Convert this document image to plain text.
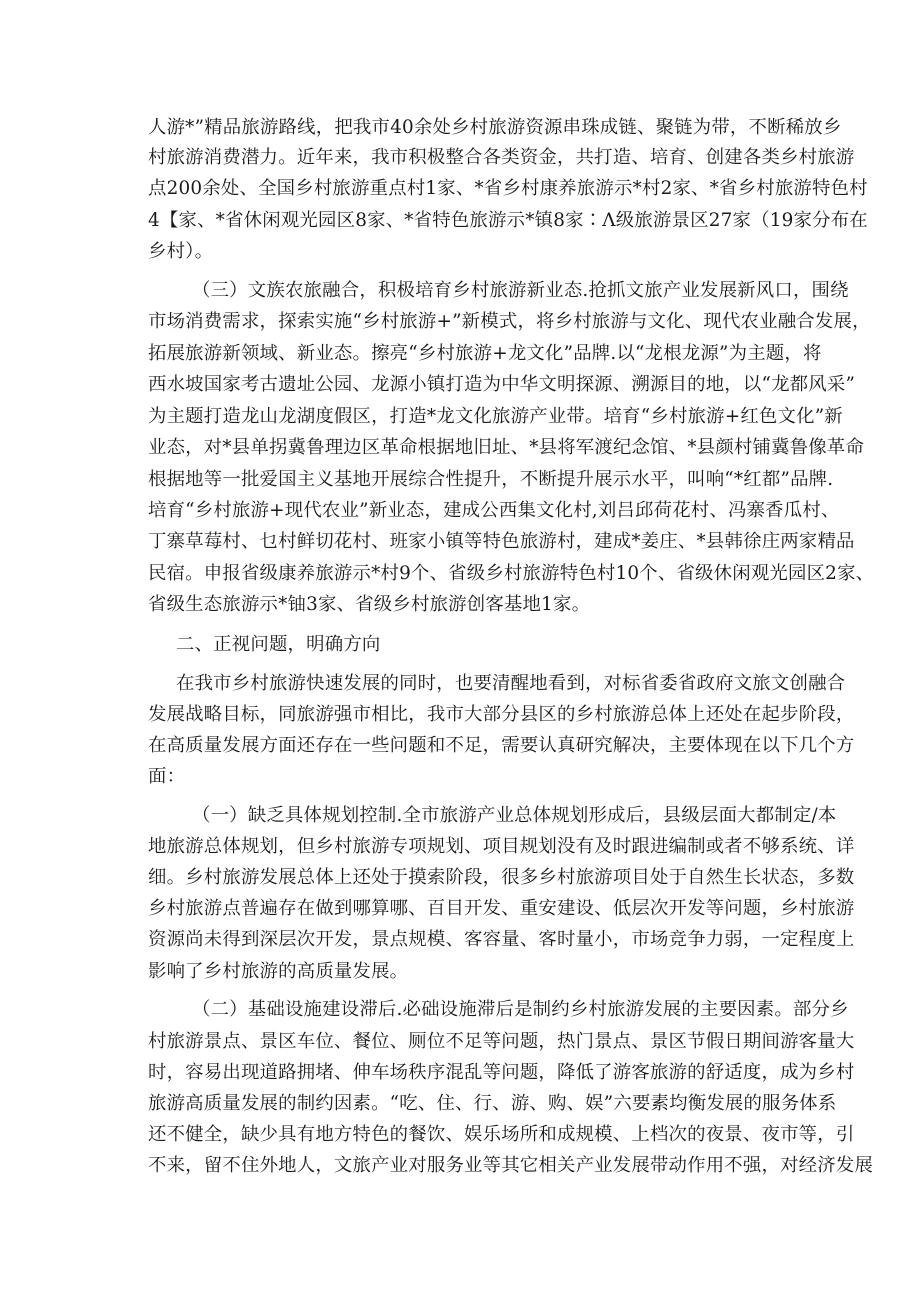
人游*”精品旅游路线，把我市40余处乡村旅游资源串珠成链、聚链为带，不断稀放乡
村旅游消费潜力。近年来，我市积极整合各类资金，共打造、培育、创建各类乡村旅游
点200余处、全国乡村旅游重点村1家、*省乡村康养旅游示*村2家、*省乡村旅游特色村
4【家、*省休闲观光园区8家、*省特色旅游示*镇8家∶Λ级旅游景区27家（19家分布在
乡村）。
（三）文族农旅融合，积极培育乡村旅游新业态.抢抓文旅产业发展新风口，围绕
市场消费需求，探索实施“乡村旅游+”新模式，将乡村旅游与文化、现代农业融合发展，
拓展旅游新领域、新业态。擦亮“乡村旅游+龙文化”品牌.以“龙根龙源”为主题，将
西水坡国家考古遗址公园、龙源小镇打造为中华文明探源、溯源目的地，以“龙都风采”
为主题打造龙山龙湖度假区，打造*龙文化旅游产业带。培育“乡村旅游+红色文化”新
业态，对*县单拐冀鲁理边区革命根据地旧址、*县将军渡纪念馆、*县颜村铺冀鲁像革命
根据地等一批爱国主义基地开展综合性提升，不断提升展示水平，叫响“*红都”品牌.
培育“乡村旅游+现代农业”新业态，建成公西集文化村,刘吕邱荷花村、冯寨香瓜村、
丁寨草莓村、乜村鲜切花村、班家小镇等特色旅游村，建成*姜庄、*县韩徐庄两家精品
民宿。申报省级康养旅游示*村9个、省级乡村旅游特色村10个、省级休闲观光园区2家、
省级生态旅游示*铀3家、省级乡村旅游创客基地1家。
二、正视问题，明确方向
在我市乡村旅游快速发展的同时，也要清醒地看到，对标省委省政府文旅文创融合
发展战略目标，同旅游强市相比，我市大部分县区的乡村旅游总体上还处在起步阶段，
在高质量发展方面还存在一些问题和不足，需要认真研究解决，主要体现在以下几个方
面：
（一）缺乏具体规划控制.全市旅游产业总体规划形成后，县级层面大都制定/本
地旅游总体规划，但乡村旅游专项规划、项目规划没有及时跟进编制或者不够系统、详
细。乡村旅游发展总体上还处于摸索阶段，很多乡村旅游项目处于自然生长状态，多数
乡村旅游点普遍存在做到哪算哪、百目开发、重安建设、低层次开发等问题，乡村旅游
资源尚未得到深层次开发，景点规模、客容量、客时量小，市场竞争力弱，一定程度上
影响了乡村旅游的高质量发展。
（二）基础设施建设滞后.必础设施滞后是制约乡村旅游发展的主要因素。部分乡
村旅游景点、景区车位、餐位、厕位不足等问题，热门景点、景区节假日期间游客量大
时，容易出现道路拥堵、伸车场秩序混乱等问题，降低了游客旅游的舒适度，成为乡村
旅游高质量发展的制约因素。“吃、住、行、游、购、娱”六要素均衡发展的服务体系
还不健全，缺少具有地方特色的餐饮、娱乐场所和成规模、上档次的夜景、夜市等，引
不来，留不住外地人，文旅产业对服务业等其它相关产业发展带动作用不强，对经济发展
